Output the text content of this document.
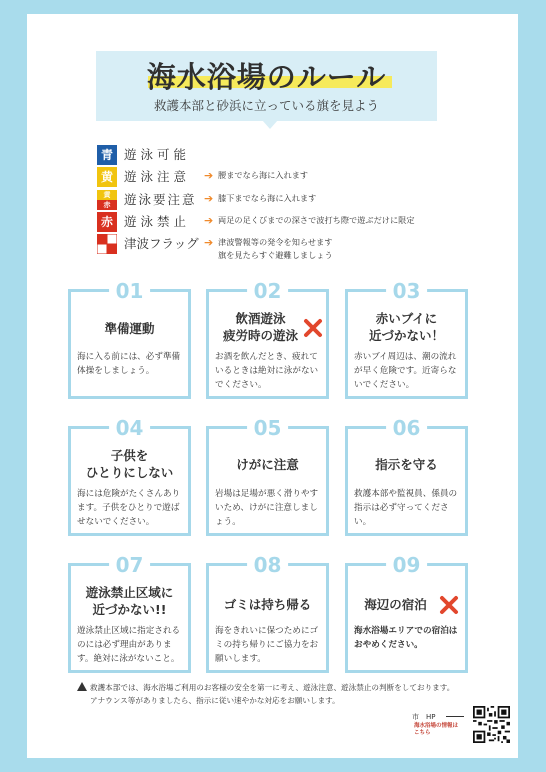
海水浴場のルール
救護本部と砂浜に立っている旗を見よう
青 遊泳可能
黄 遊泳注意 ➔ 腰までなら海に入れます
黄
赤	遊泳要注意 ➔ 膝下までなら海に入れます
赤 遊泳禁止 ➔ 両足の足くびまでの深さで波打ち際で遊ぶだけに限定
津波フラッグ ➔ 津波警報等の発令を知らせます
旗を見たらすぐ避難しましょう
01
準備運動
海に入る前には、必ず準備体操をしましょう。
02
飲酒遊泳
疲労時の遊泳
お酒を飲んだとき、疲れているときは絶対に泳がないでください。
03
赤いブイに
近づかない！
赤いブイ周辺は、潮の流れが早く危険です。近寄らないでください。
04
子供を
ひとりにしない
海には危険がたくさんあります。子供をひとりで遊ばせないでください。
05
けがに注意
岩場は足場が悪く滑りやすいため、けがに注意しましょう。
06
指示を守る
救護本部や監視員、係員の指示は必ず守ってください。
07
遊泳禁止区域に
近づかない!!
遊泳禁止区域に指定されるのには必ず理由があります。絶対に泳がないこと。
08
ゴミは持ち帰る
海をきれいに保つためにゴミの持ち帰りにご協力をお願いします。
09
海辺の宿泊
海水浴場エリアでの宿泊はおやめください。
救護本部では、海水浴場ご利用のお客様の安全を第一に考え、遊泳注意、遊泳禁止の判断をしております。
アナウンス等がありましたら、指示に従い速やかな対応をお願いします。
市　HP
海水浴場の情報はこちら
